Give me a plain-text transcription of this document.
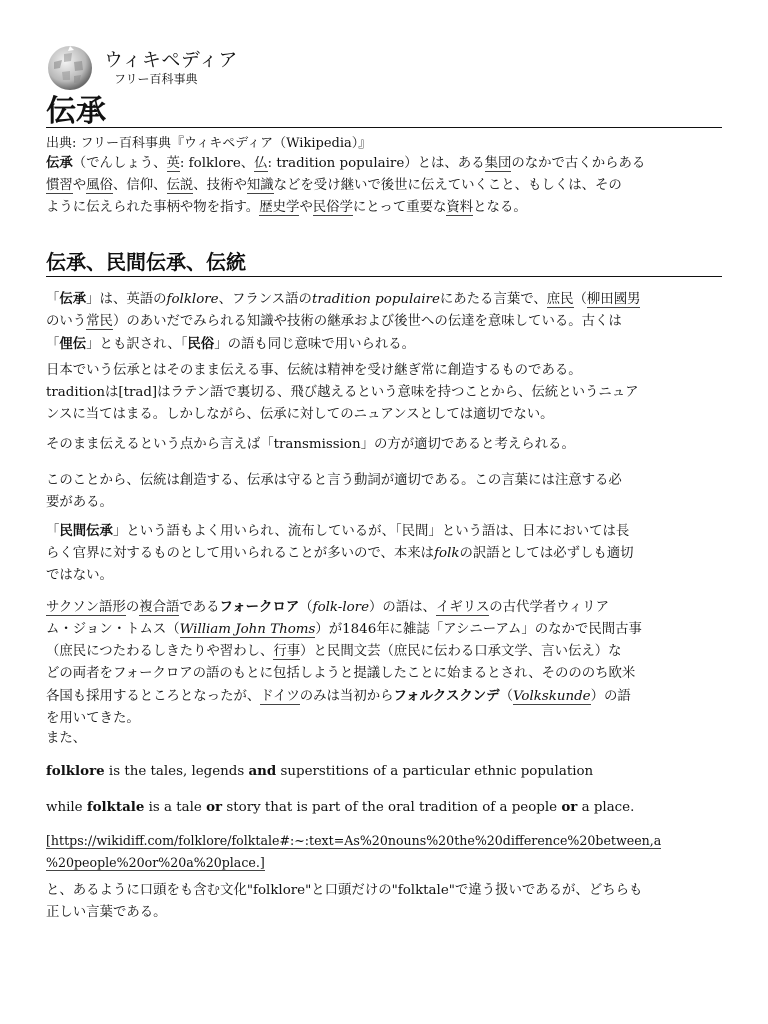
ウィキペディア
フリー百科事典
伝承
出典: フリー百科事典『ウィキペディア（Wikipedia）』
伝承（でんしょう、英: folklore、仏: tradition populaire）とは、ある集団のなかで古くからある
慣習や風俗、信仰、伝説、技術や知識などを受け継いで後世に伝えていくこと、もしくは、その
ように伝えられた事柄や物を指す。歴史学や民俗学にとって重要な資料となる。
伝承、民間伝承、伝統
「伝承」は、英語のfolklore、フランス語のtradition populaireにあたる言葉で、庶民（柳田國男
のいう常民）のあいだでみられる知識や技術の継承および後世への伝達を意味している。古くは
「俚伝」とも訳され、「民俗」の語も同じ意味で用いられる。
日本でいう伝承とはそのまま伝える事、伝統は精神を受け継ぎ常に創造するものである。
traditionは[trad]はラテン語で裏切る、飛び越えるという意味を持つことから、伝統というニュア
ンスに当てはまる。しかしながら、伝承に対してのニュアンスとしては適切でない。
そのまま伝えるという点から言えば「transmission」の方が適切であると考えられる。
このことから、伝統は創造する、伝承は守ると言う動詞が適切である。この言葉には注意する必
要がある。
「民間伝承」という語もよく用いられ、流布しているが、「民間」という語は、日本においては長
らく官界に対するものとして用いられることが多いので、本来はfolkの訳語としては必ずしも適切
ではない。
サクソン語形の複合語であるフォークロア（folk-lore）の語は、イギリスの古代学者ウィリア
ム・ジョン・トムス（William John Thoms）が1846年に雑誌「アシニーアム」のなかで民間古事
（庶民につたわるしきたりや習わし、行事）と民間文芸（庶民に伝わる口承文学、言い伝え）な
どの両者をフォークロアの語のもとに包括しようと提議したことに始まるとされ、そのののち欧米
各国も採用するところとなったが、ドイツのみは当初からフォルクスクンデ（Volkskunde）の語
を用いてきた。
また、
folklore is the tales, legends and superstitions of a particular ethnic population
while folktale is a tale or story that is part of the oral tradition of a people or a place.
[https://wikidiff.com/folklore/folktale#:~:text=As%20nouns%20the%20difference%20between,a
%20people%20or%20a%20place.]
と、あるように口頭をも含む文化"folklore"と口頭だけの"folktale"で違う扱いであるが、どちらも
正しい言葉である。
